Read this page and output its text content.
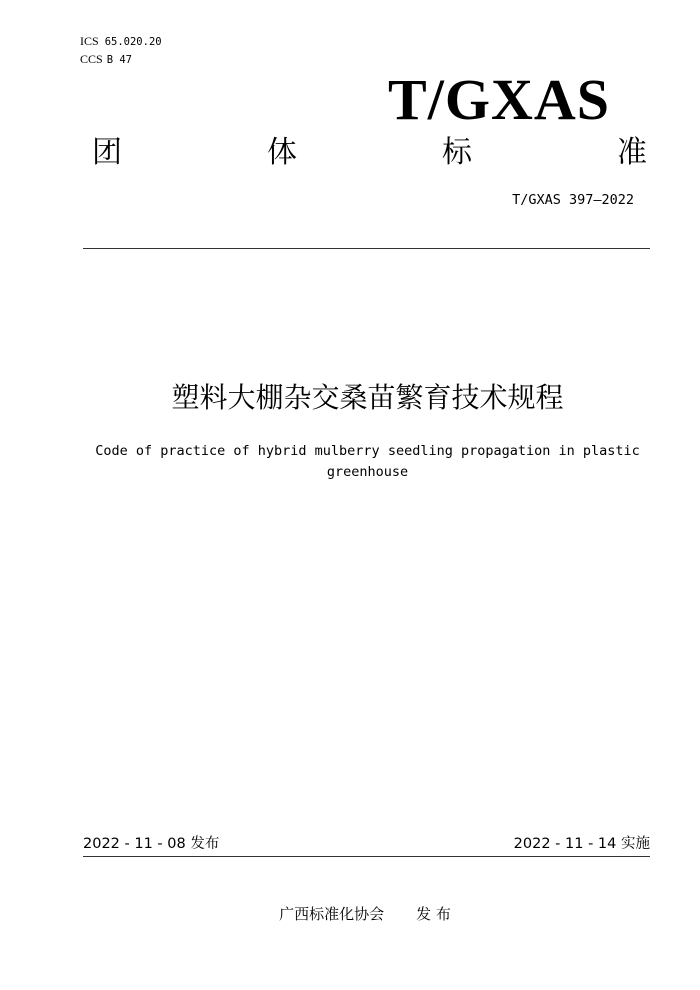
ICS 65.020.20
CCS B 47
T/GXAS
团	体	标	准
T/GXAS 397—2022
塑料大棚杂交桑苗繁育技术规程
Code of practice of hybrid mulberry seedling propagation in plastic
greenhouse
2022 - 11 - 08 发布	2022 - 11 - 14 实施
广西标准化协会 发 布
